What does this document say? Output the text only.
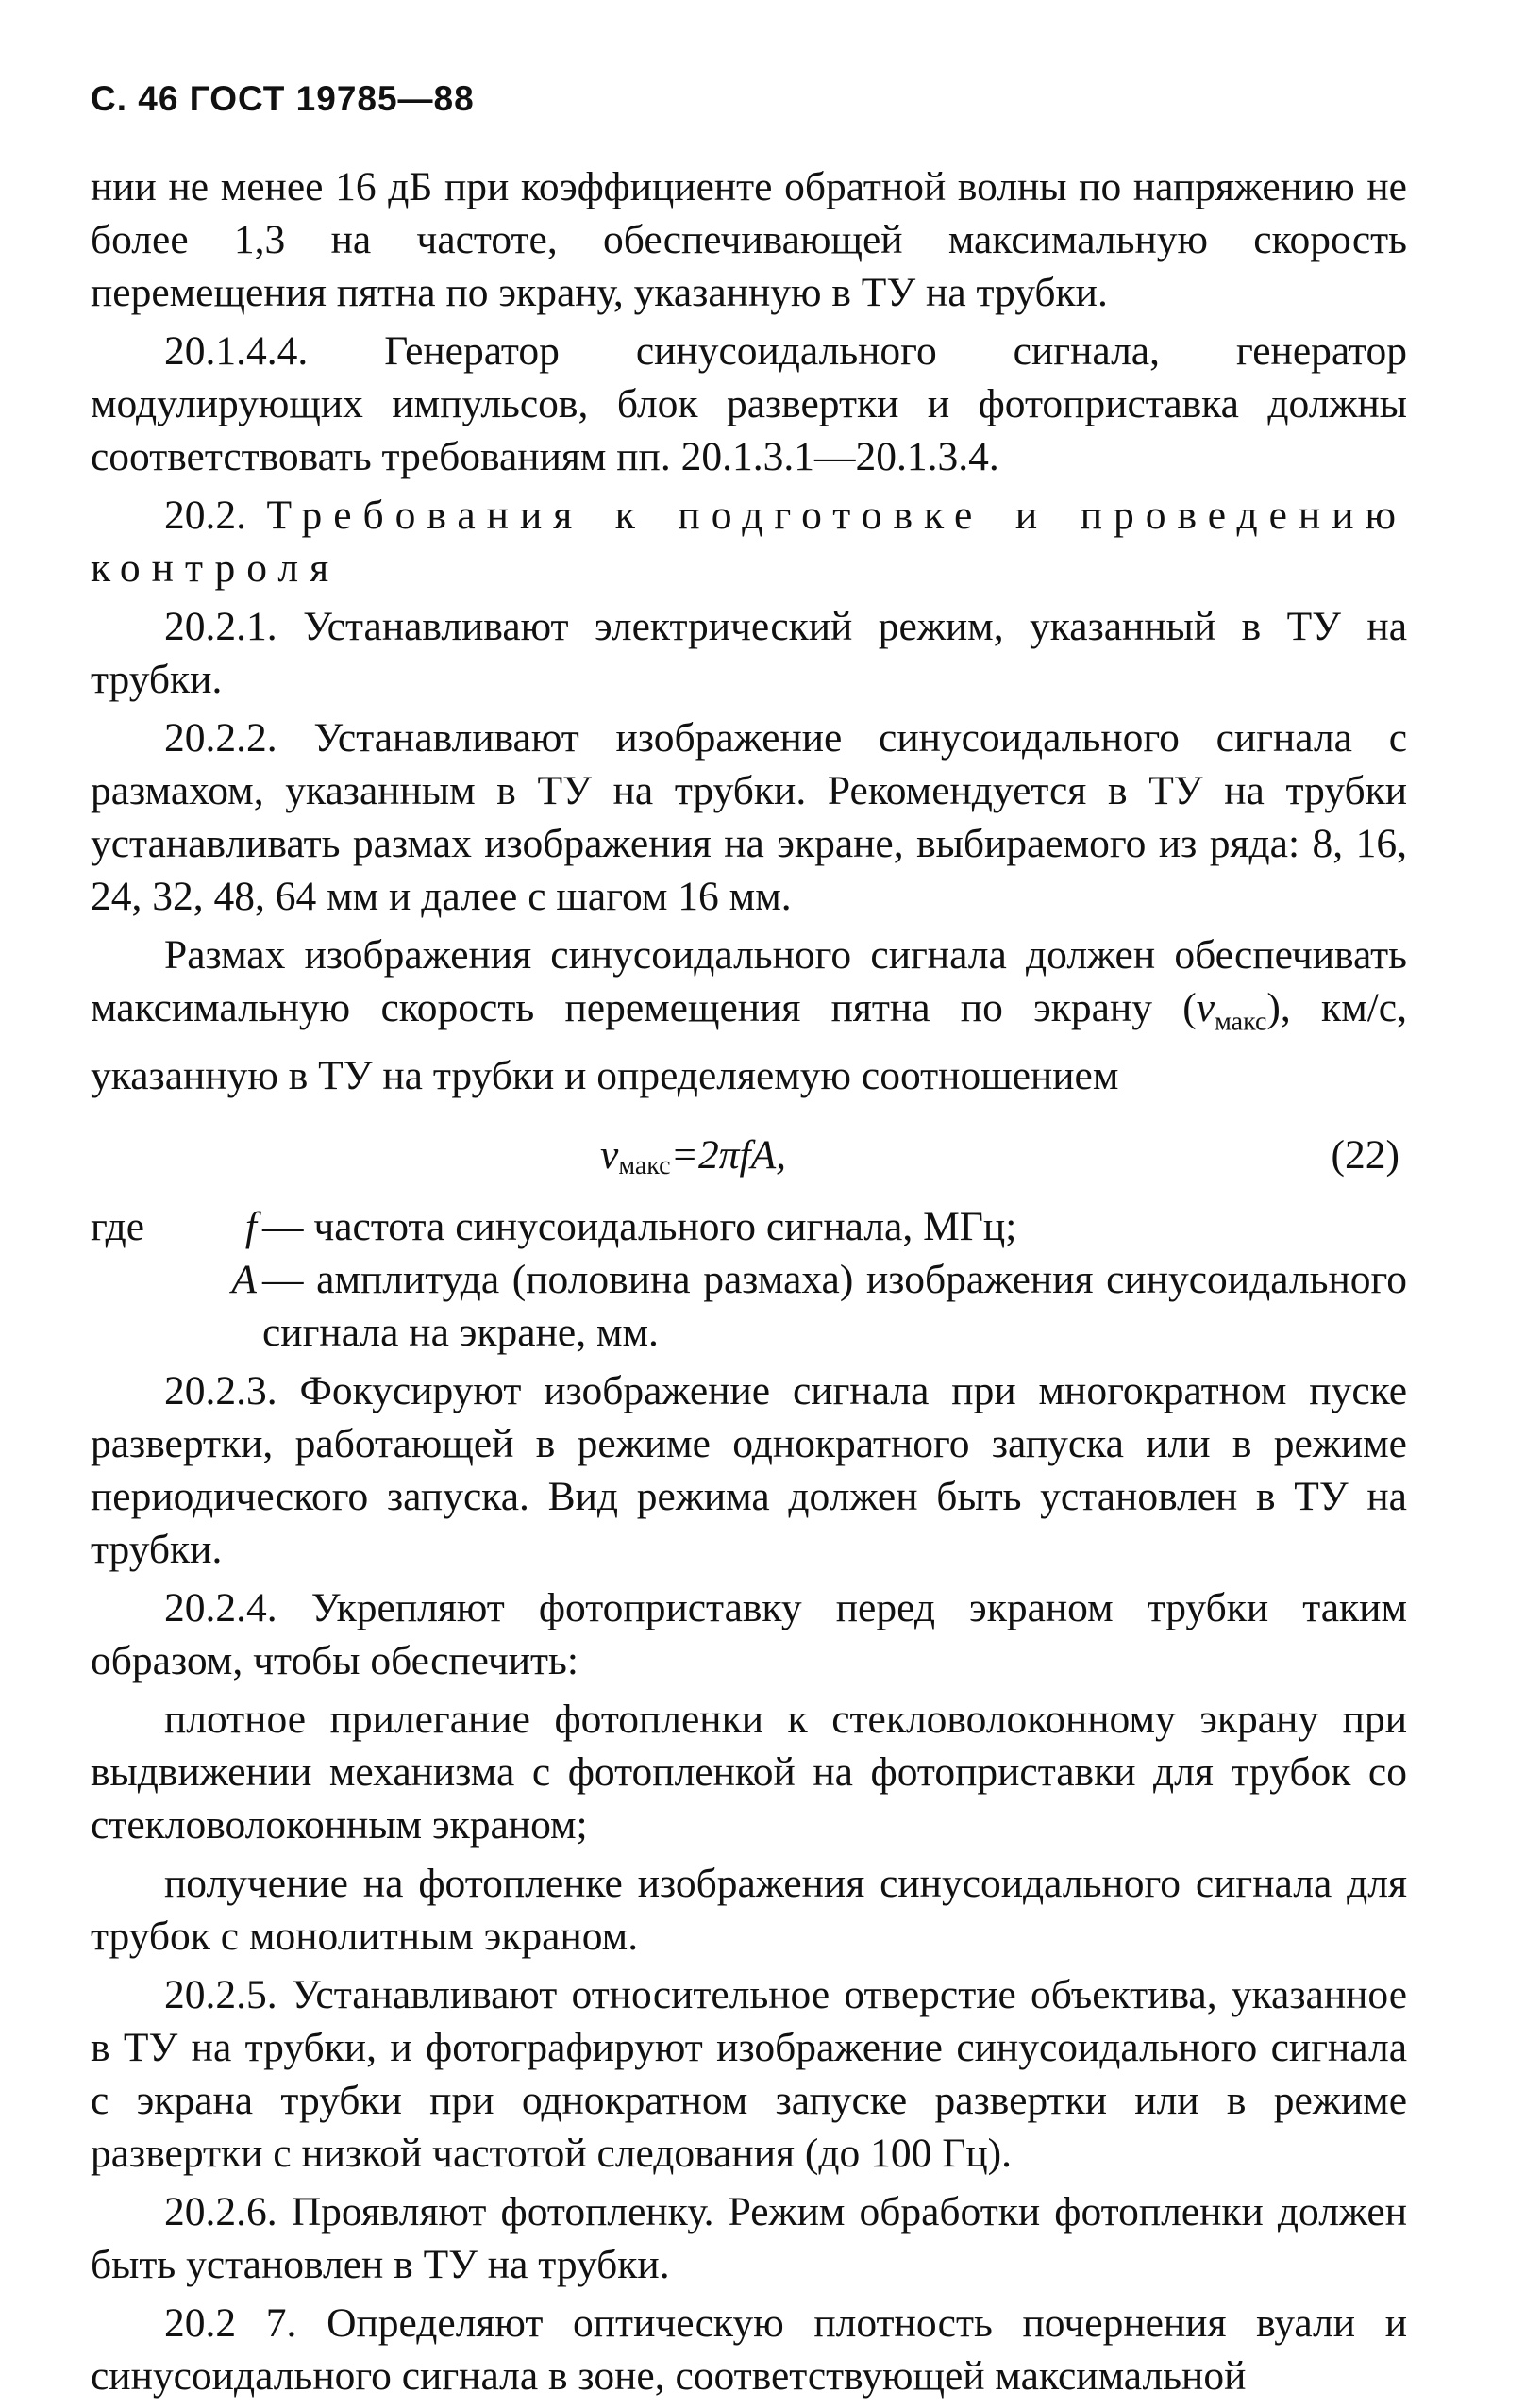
С. 46 ГОСТ 19785—88

нии не менее 16 дБ при коэффициенте обратной волны по напряжению не более 1,3 на частоте, обеспечивающей максимальную скорость перемещения пятна по экрану, указанную в ТУ на трубки.

20.1.4.4. Генератор синусоидального сигнала, генератор модулирующих импульсов, блок развертки и фотоприставка должны соответствовать требованиям пп. 20.1.3.1—20.1.3.4.

20.2. Требования к подготовке и проведению контроля

20.2.1. Устанавливают электрический режим, указанный в ТУ на трубки.

20.2.2. Устанавливают изображение синусоидального сигнала с размахом, указанным в ТУ на трубки. Рекомендуется в ТУ на трубки устанавливать размах изображения на экране, выбираемого из ряда: 8, 16, 24, 32, 48, 64 мм и далее с шагом 16 мм.

Размах изображения синусоидального сигнала должен обеспечивать максимальную скорость перемещения пятна по экрану $(v_{макс})$, км/с, указанную в ТУ на трубки и определяемую соотношением

$v_{макс}=2\pi fA$,	(22)
где	f — частота синусоидального сигнала, МГц;
A — амплитуда (половина размаха) изображения синусоидального сигнала на экране, мм.

20.2.3. Фокусируют изображение сигнала при многократном пуске развертки, работающей в режиме однократного запуска или в режиме периодического запуска. Вид режима должен быть установлен в ТУ на трубки.

20.2.4. Укрепляют фотоприставку перед экраном трубки таким образом, чтобы обеспечить:

плотное прилегание фотопленки к стекловолоконному экрану при выдвижении механизма с фотопленкой на фотоприставки для трубок со стекловолоконным экраном;

получение на фотопленке изображения синусоидального сигнала для трубок с монолитным экраном.

20.2.5. Устанавливают относительное отверстие объектива, указанное в ТУ на трубки, и фотографируют изображение синусоидального сигнала с экрана трубки при однократном запуске развертки или в режиме развертки с низкой частотой следования (до 100 Гц).

20.2.6. Проявляют фотопленку. Режим обработки фотопленки должен быть установлен в ТУ на трубки.

20.2 7. Определяют оптическую плотность почернения вуали и синусоидального сигнала в зоне, соответствующей максимальной
